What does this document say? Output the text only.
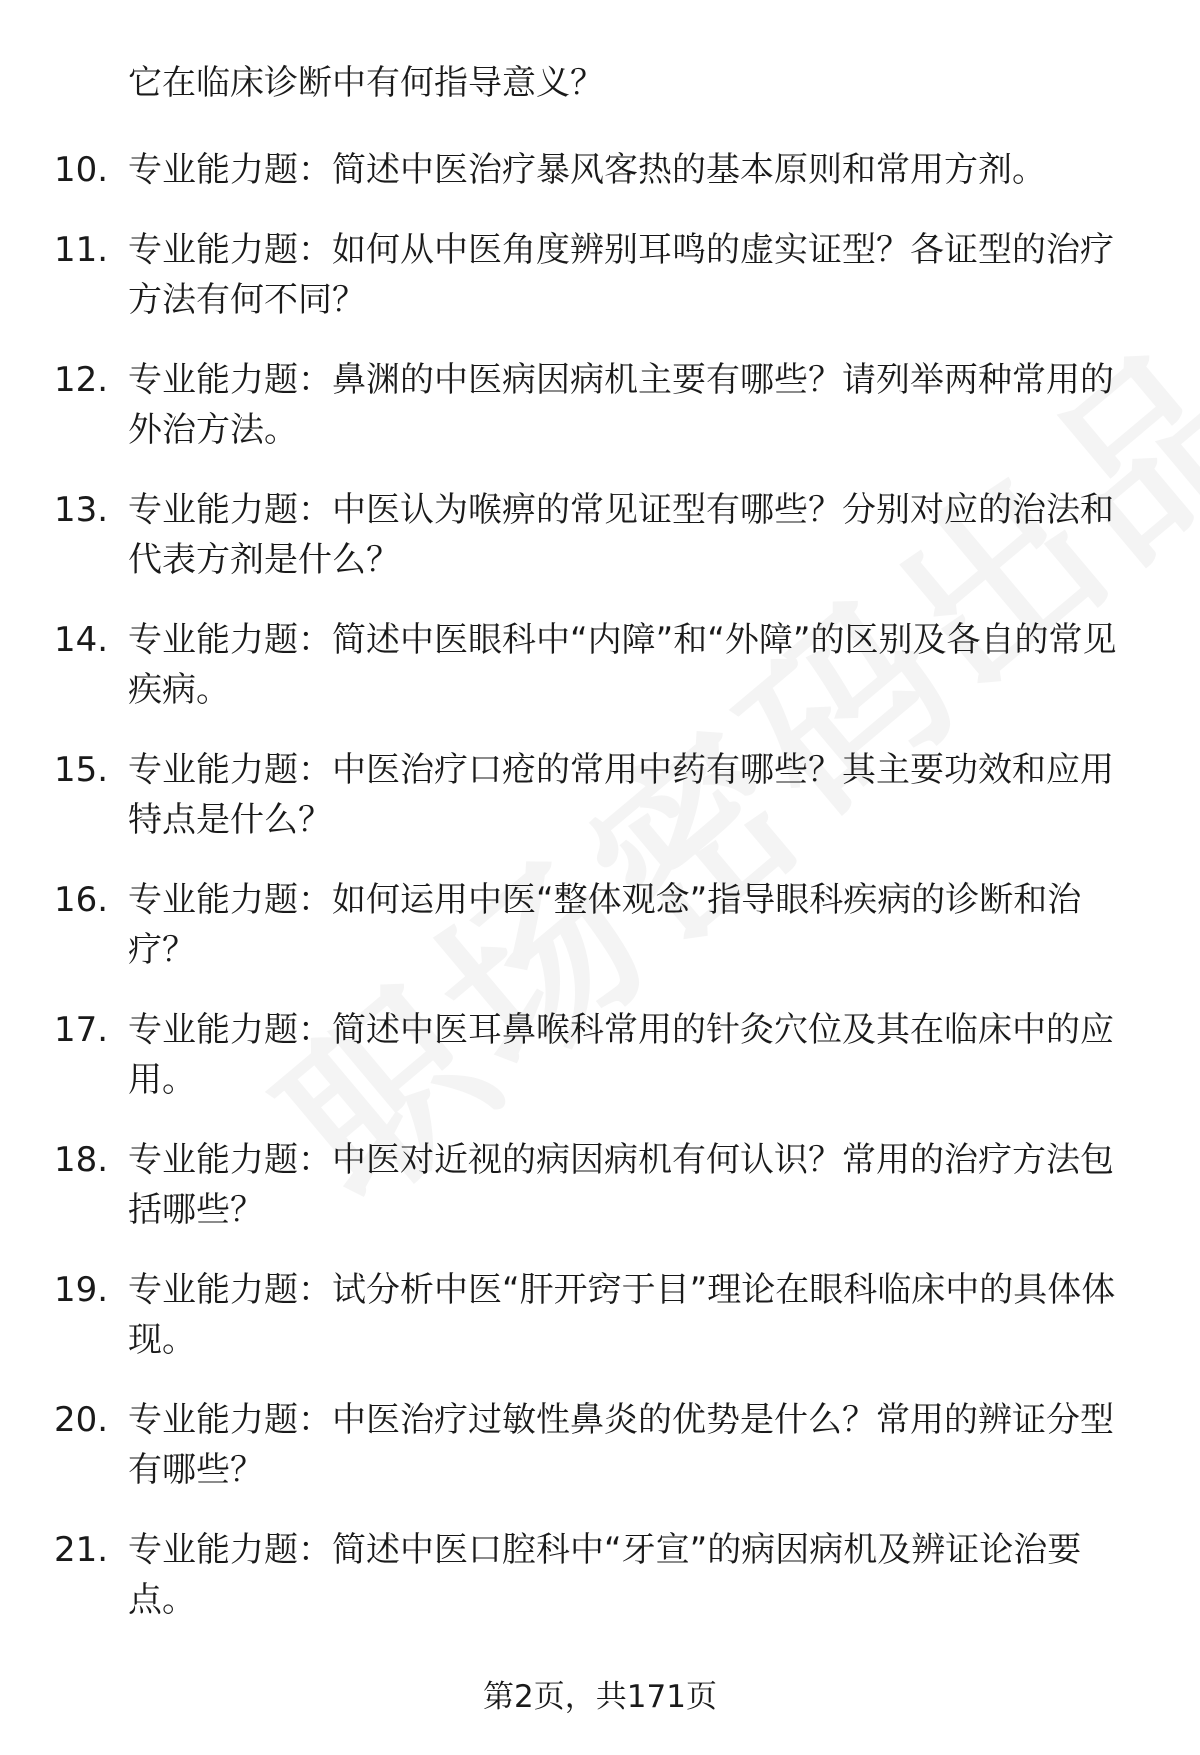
它在临床诊断中有何指导意义？

10. 专业能力题：简述中医治疗暴风客热的基本原则和常用方剂。
11. 专业能力题：如何从中医角度辨别耳鸣的虚实证型？各证型的治疗方法有何不同？
12. 专业能力题：鼻渊的中医病因病机主要有哪些？请列举两种常用的外治方法。
13. 专业能力题：中医认为喉痹的常见证型有哪些？分别对应的治法和代表方剂是什么？
14. 专业能力题：简述中医眼科中“内障”和“外障”的区别及各自的常见疾病。
15. 专业能力题：中医治疗口疮的常用中药有哪些？其主要功效和应用特点是什么？
16. 专业能力题：如何运用中医“整体观念”指导眼科疾病的诊断和治疗？
17. 专业能力题：简述中医耳鼻喉科常用的针灸穴位及其在临床中的应用。
18. 专业能力题：中医对近视的病因病机有何认识？常用的治疗方法包括哪些？
19. 专业能力题：试分析中医“肝开窍于目”理论在眼科临床中的具体体现。
20. 专业能力题：中医治疗过敏性鼻炎的优势是什么？常用的辨证分型有哪些？
21. 专业能力题：简述中医口腔科中“牙宣”的病因病机及辨证论治要点。
第2页，共171页
